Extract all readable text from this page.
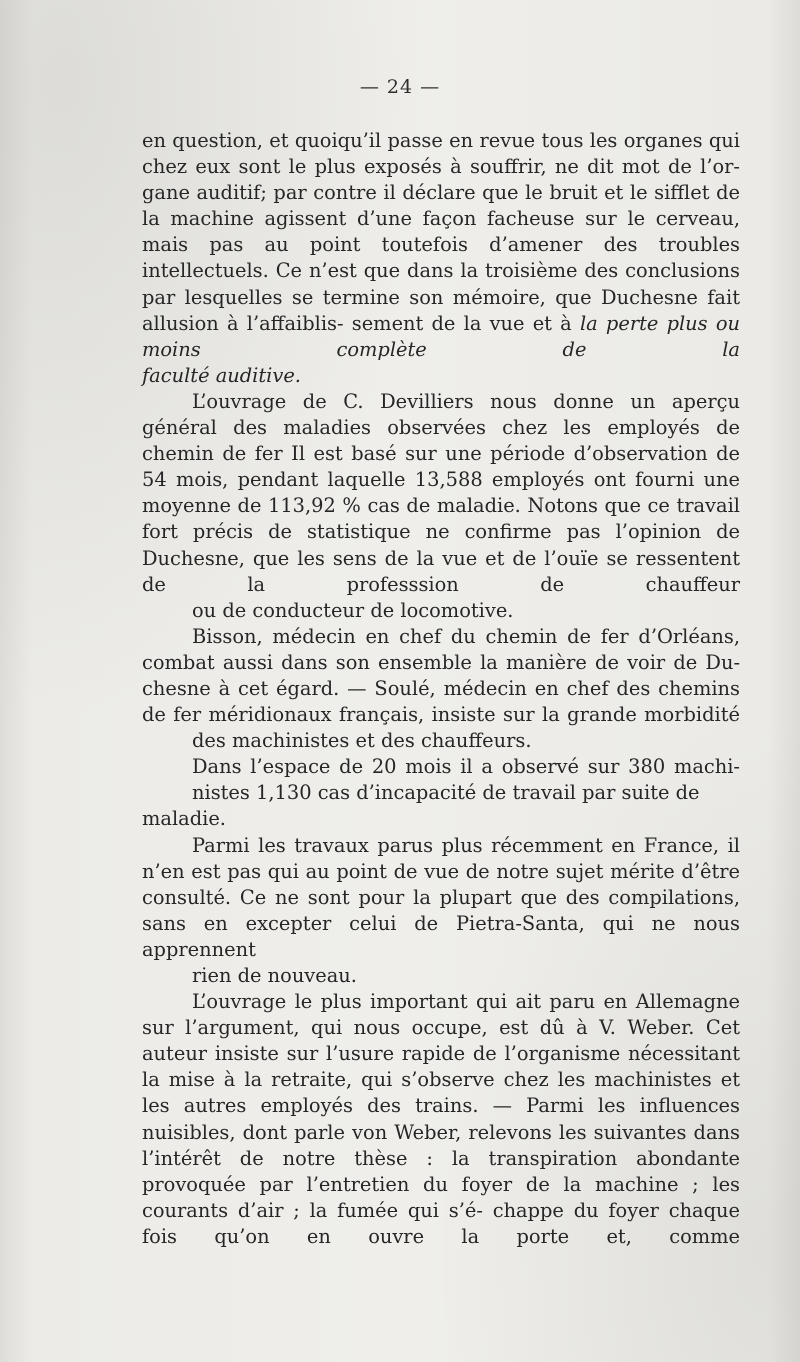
— 24 —

en question, et quoiqu’il passe en revue tous les organes qui chez eux sont le plus exposés à souffrir, ne dit mot de l’or- gane auditif; par contre il déclare que le bruit et le sifflet de la machine agissent d’une façon facheuse sur le cerveau, mais pas au point toutefois d’amener des troubles intellectuels. Ce n’est que dans la troisième des conclusions par lesquelles se termine son mémoire, que Duchesne fait allusion à l’affaiblis- sement de la vue et à la perte plus ou moins complète de la
faculté auditive.

L’ouvrage de C. Devilliers nous donne un aperçu général des maladies observées chez les employés de chemin de fer Il est basé sur une période d’observation de 54 mois, pendant laquelle 13,588 employés ont fourni une moyenne de 113,92 % cas de maladie. Notons que ce travail fort précis de statistique ne confirme pas l’opinion de Duchesne, que les sens de la vue et de l’ouïe se ressentent de la professsion de chauffeur
ou de conducteur de locomotive.

Bisson, médecin en chef du chemin de fer d’Orléans, combat aussi dans son ensemble la manière de voir de Du- chesne à cet égard. — Soulé, médecin en chef des chemins de fer méridionaux français, insiste sur la grande morbidité
des machinistes et des chauffeurs.

Dans l’espace de 20 mois il a observé sur 380 machi-
nistes 1,130 cas d’incapacité de travail par suite de maladie.

Parmi les travaux parus plus récemment en France, il n’en est pas qui au point de vue de notre sujet mérite d’être consulté. Ce ne sont pour la plupart que des compilations, sans en excepter celui de Pietra-Santa, qui ne nous apprennent
rien de nouveau.

L’ouvrage le plus important qui ait paru en Allemagne sur l’argument, qui nous occupe, est dû à V. Weber. Cet auteur insiste sur l’usure rapide de l’organisme nécessitant la mise à la retraite, qui s’observe chez les machinistes et les autres employés des trains. — Parmi les influences nuisibles, dont parle von Weber, relevons les suivantes dans l’intérêt de notre thèse : la transpiration abondante provoquée par l’entretien du foyer de la machine ; les courants d’air ; la fumée qui s’é- chappe du foyer chaque fois qu’on en ouvre la porte et, comme
